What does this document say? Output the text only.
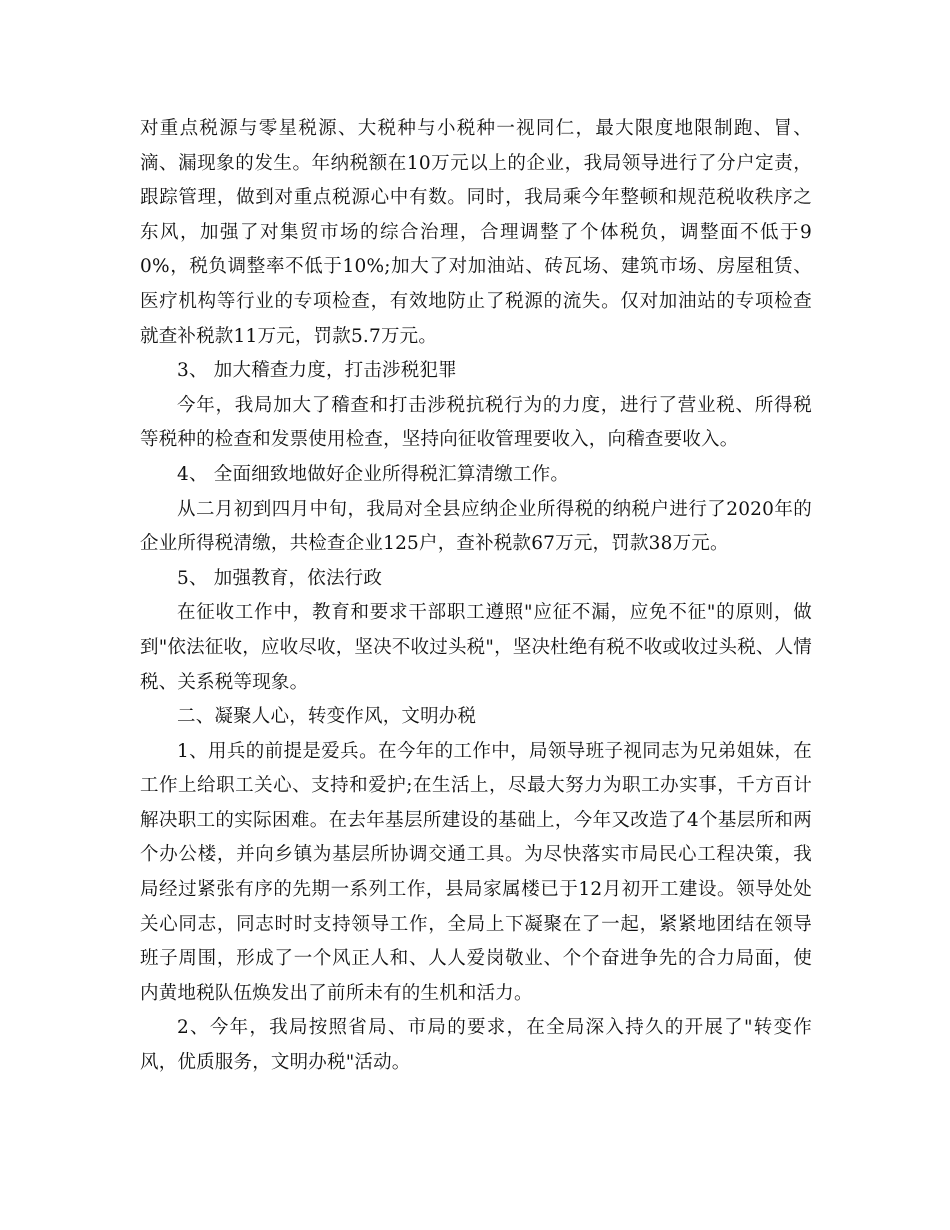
对重点税源与零星税源、大税种与小税种一视同仁，最大限度地限制跑、冒、滴、漏现象的发生。年纳税额在10万元以上的企业，我局领导进行了分户定责，跟踪管理，做到对重点税源心中有数。同时，我局乘今年整顿和规范税收秩序之东风，加强了对集贸市场的综合治理，合理调整了个体税负，调整面不低于90%，税负调整率不低于10%;加大了对加油站、砖瓦场、建筑市场、房屋租赁、医疗机构等行业的专项检查，有效地防止了税源的流失。仅对加油站的专项检查就查补税款11万元，罚款5.7万元。

3、 加大稽查力度，打击涉税犯罪

今年，我局加大了稽查和打击涉税抗税行为的力度，进行了营业税、所得税等税种的检查和发票使用检查，坚持向征收管理要收入，向稽查要收入。

4、 全面细致地做好企业所得税汇算清缴工作。

从二月初到四月中旬，我局对全县应纳企业所得税的纳税户进行了2020年的企业所得税清缴，共检查企业125户，查补税款67万元，罚款38万元。

5、 加强教育，依法行政

在征收工作中，教育和要求干部职工遵照"应征不漏，应免不征"的原则，做到"依法征收，应收尽收，坚决不收过头税"，坚决杜绝有税不收或收过头税、人情税、关系税等现象。

二、凝聚人心，转变作风，文明办税

1、用兵的前提是爱兵。在今年的工作中，局领导班子视同志为兄弟姐妹，在工作上给职工关心、支持和爱护;在生活上，尽最大努力为职工办实事，千方百计解决职工的实际困难。在去年基层所建设的基础上，今年又改造了4个基层所和两个办公楼，并向乡镇为基层所协调交通工具。为尽快落实市局民心工程决策，我局经过紧张有序的先期一系列工作，县局家属楼已于12月初开工建设。领导处处关心同志，同志时时支持领导工作，全局上下凝聚在了一起，紧紧地团结在领导班子周围，形成了一个风正人和、人人爱岗敬业、个个奋进争先的合力局面，使内黄地税队伍焕发出了前所未有的生机和活力。

2、今年，我局按照省局、市局的要求，在全局深入持久的开展了"转变作风，优质服务，文明办税"活动。
